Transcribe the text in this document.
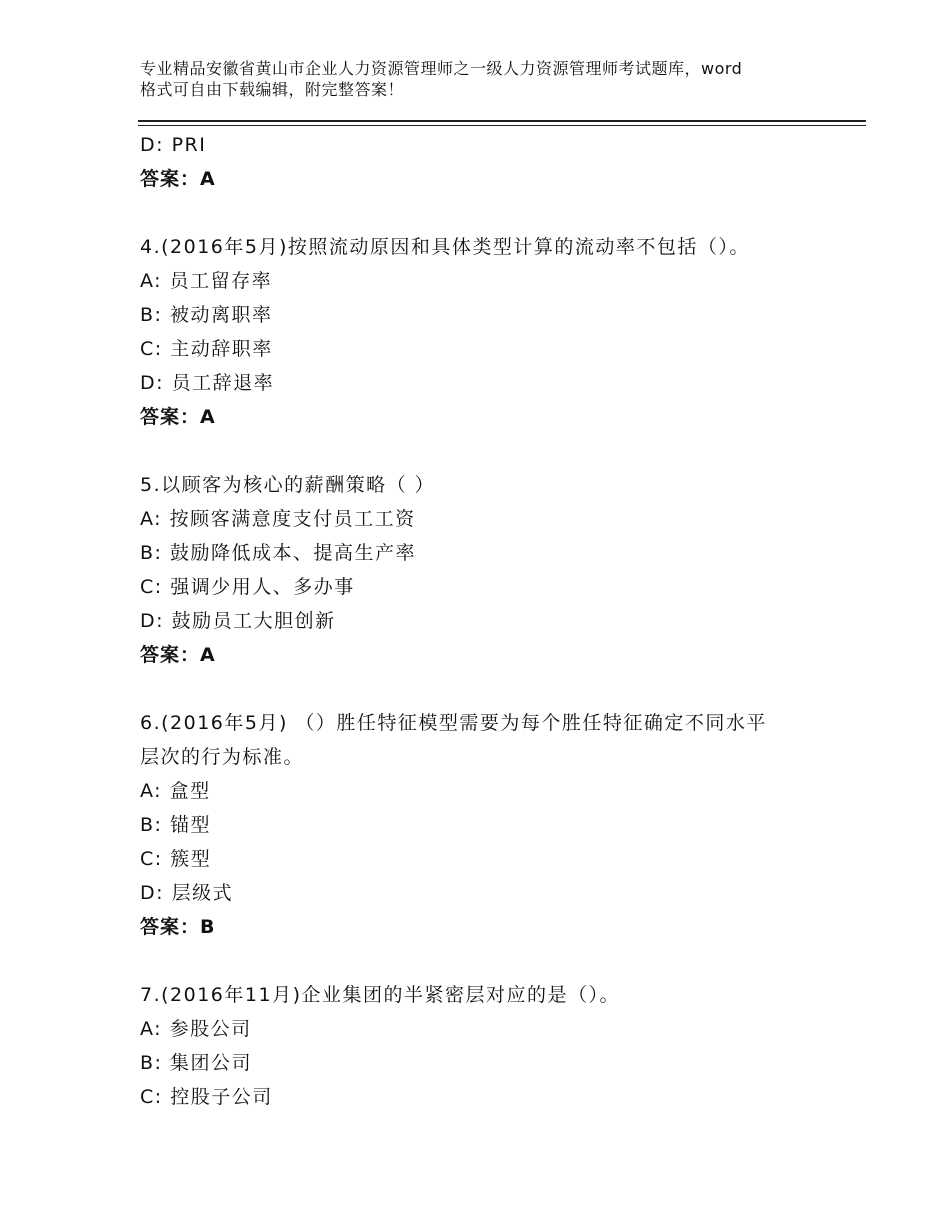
专业精品安徽省黄山市企业人力资源管理师之一级人力资源管理师考试题库，word
格式可自由下载编辑，附完整答案！
D: PRI
答案：A
4.(2016年5月)按照流动原因和具体类型计算的流动率不包括（）。
A: 员工留存率
B: 被动离职率
C: 主动辞职率
D: 员工辞退率
答案：A
5.以顾客为核心的薪酬策略（ ）
A: 按顾客满意度支付员工工资
B: 鼓励降低成本、提高生产率
C: 强调少用人、多办事
D: 鼓励员工大胆创新
答案：A
6.(2016年5月) （）胜任特征模型需要为每个胜任特征确定不同水平
层次的行为标准。
A: 盒型
B: 锚型
C: 簇型
D: 层级式
答案：B
7.(2016年11月)企业集团的半紧密层对应的是（）。
A: 参股公司
B: 集团公司
C: 控股子公司
